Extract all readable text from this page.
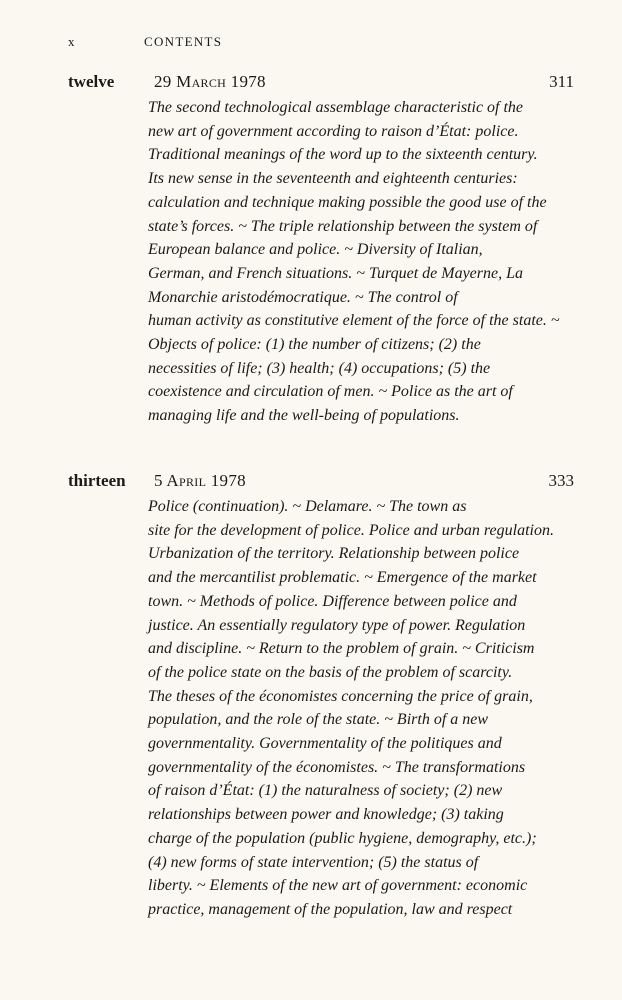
x	CONTENTS
twelve 29 March 1978	311
The second technological assemblage characteristic of the
new art of government according to raison d’État: police.
Traditional meanings of the word up to the sixteenth century.
Its new sense in the seventeenth and eighteenth centuries:
calculation and technique making possible the good use of the
state’s forces. ~ The triple relationship between the system of
European balance and police. ~ Diversity of Italian,
German, and French situations. ~ Turquet de Mayerne, La
Monarchie aristodémocratique. ~ The control of
human activity as constitutive element of the force of the state. ~
Objects of police: (1) the number of citizens; (2) the
necessities of life; (3) health; (4) occupations; (5) the
coexistence and circulation of men. ~ Police as the art of
managing life and the well-being of populations.
thirteen 5 April 1978	333
Police (continuation). ~ Delamare. ~ The town as
site for the development of police. Police and urban regulation.
Urbanization of the territory. Relationship between police
and the mercantilist problematic. ~ Emergence of the market
town. ~ Methods of police. Difference between police and
justice. An essentially regulatory type of power. Regulation
and discipline. ~ Return to the problem of grain. ~ Criticism
of the police state on the basis of the problem of scarcity.
The theses of the économistes concerning the price of grain,
population, and the role of the state. ~ Birth of a new
governmentality. Governmentality of the politiques and
governmentality of the économistes. ~ The transformations
of raison d’État: (1) the naturalness of society; (2) new
relationships between power and knowledge; (3) taking
charge of the population (public hygiene, demography, etc.);
(4) new forms of state intervention; (5) the status of
liberty. ~ Elements of the new art of government: economic
practice, management of the population, law and respect
